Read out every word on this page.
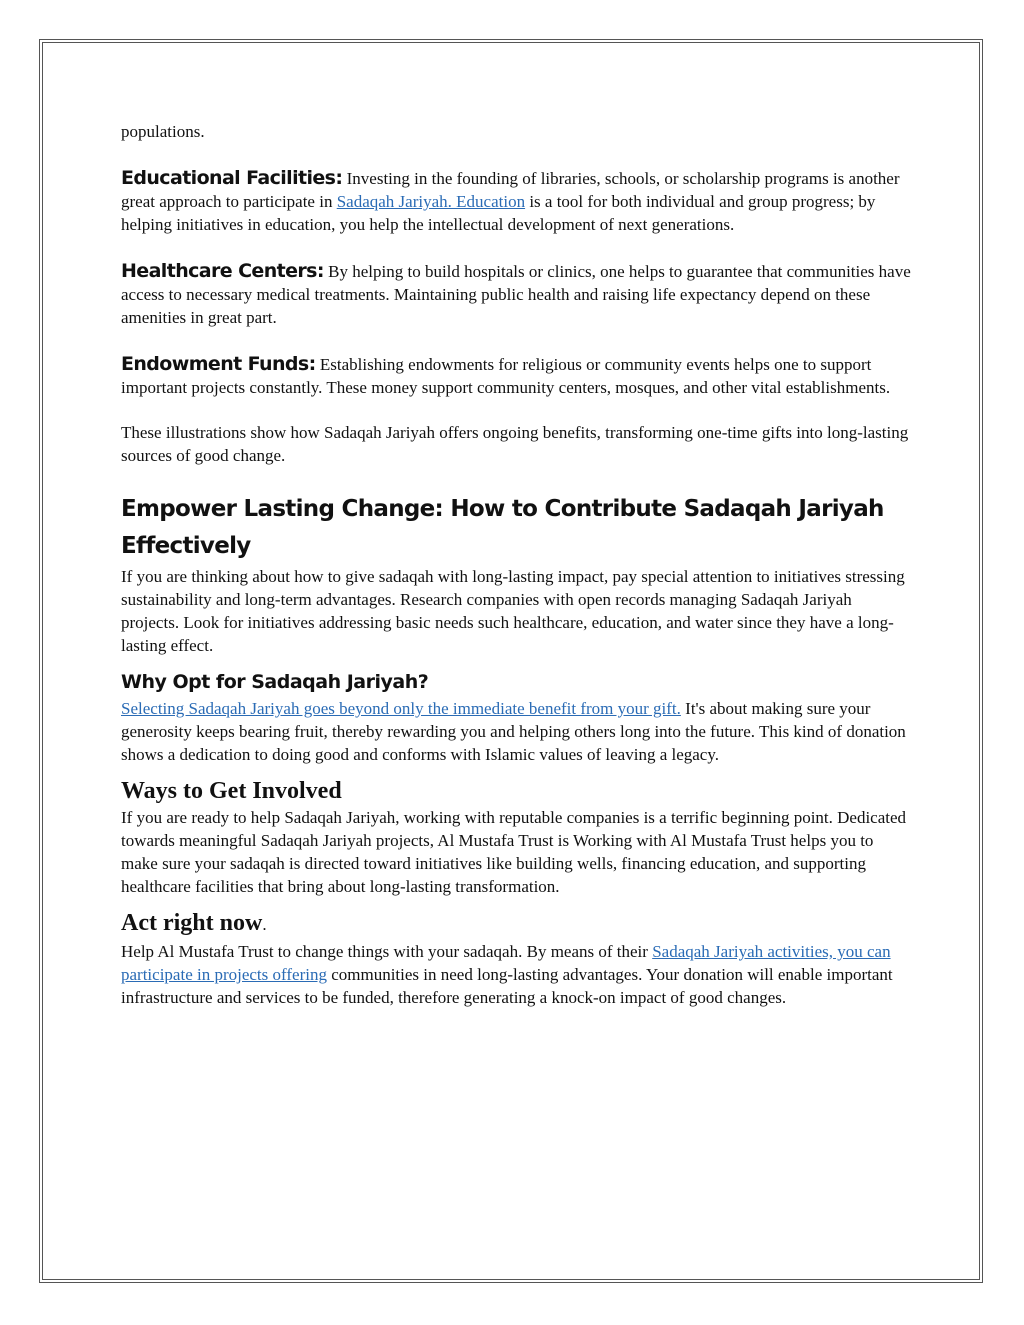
populations.

Educational Facilities: Investing in the founding of libraries, schools, or scholarship programs is another great approach to participate in Sadaqah Jariyah. Education is a tool for both individual and group progress; by helping initiatives in education, you help the intellectual development of next generations.

Healthcare Centers: By helping to build hospitals or clinics, one helps to guarantee that communities have access to necessary medical treatments. Maintaining public health and raising life expectancy depend on these amenities in great part.

Endowment Funds: Establishing endowments for religious or community events helps one to support important projects constantly. These money support community centers, mosques, and other vital establishments.

These illustrations show how Sadaqah Jariyah offers ongoing benefits, transforming one-time gifts into long-lasting sources of good change.

Empower Lasting Change: How to Contribute Sadaqah Jariyah Effectively

If you are thinking about how to give sadaqah with long-lasting impact, pay special attention to initiatives stressing sustainability and long-term advantages. Research companies with open records managing Sadaqah Jariyah projects. Look for initiatives addressing basic needs such healthcare, education, and water since they have a long-lasting effect.

Why Opt for Sadaqah Jariyah?

Selecting Sadaqah Jariyah goes beyond only the immediate benefit from your gift. It's about making sure your generosity keeps bearing fruit, thereby rewarding you and helping others long into the future. This kind of donation shows a dedication to doing good and conforms with Islamic values of leaving a legacy.

Ways to Get Involved

If you are ready to help Sadaqah Jariyah, working with reputable companies is a terrific beginning point. Dedicated towards meaningful Sadaqah Jariyah projects, Al Mustafa Trust is Working with Al Mustafa Trust helps you to make sure your sadaqah is directed toward initiatives like building wells, financing education, and supporting healthcare facilities that bring about long-lasting transformation.

Act right now.

Help Al Mustafa Trust to change things with your sadaqah. By means of their Sadaqah Jariyah activities, you can participate in projects offering communities in need long-lasting advantages. Your donation will enable important infrastructure and services to be funded, therefore generating a knock-on impact of good changes.
